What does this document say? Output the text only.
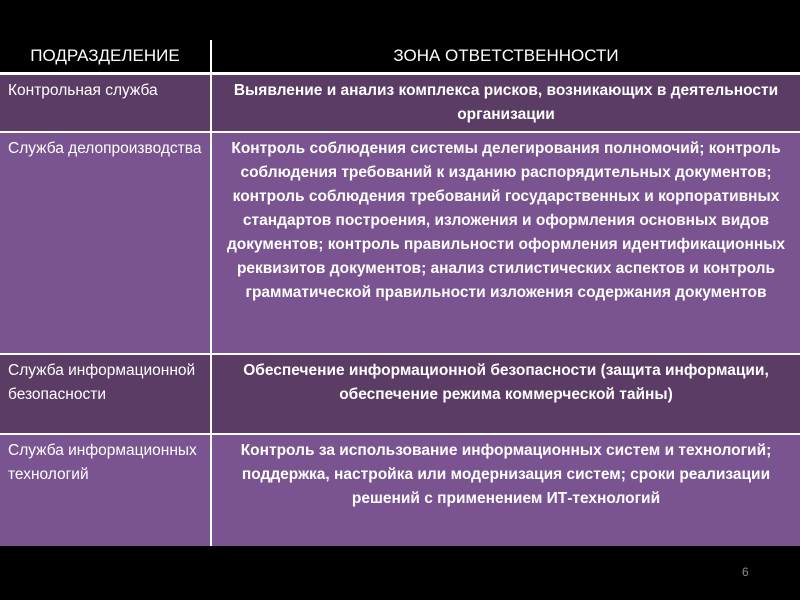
ПОДРАЗДЕЛЕНИЕ	ЗОНА ОТВЕТСТВЕННОСТИ
Контрольная служба	Выявление и анализ комплекса рисков, возникающих в деятельности организации
Служба делопроизводства	Контроль соблюдения системы делегирования полномочий; контроль соблюдения требований к изданию распорядительных документов; контроль соблюдения требований государственных и корпоративных стандартов построения, изложения и оформления основных видов документов; контроль правильности оформления идентификационных реквизитов документов; анализ стилистических аспектов и контроль грамматической правильности изложения содержания документов
Служба информационной безопасности	Обеспечение информационной безопасности (защита информации, обеспечение режима коммерческой тайны)
Служба информационных технологий	Контроль за использование информационных систем и технологий; поддержка, настройка или модернизация систем; сроки реализации решений с применением ИТ-технологий
6
